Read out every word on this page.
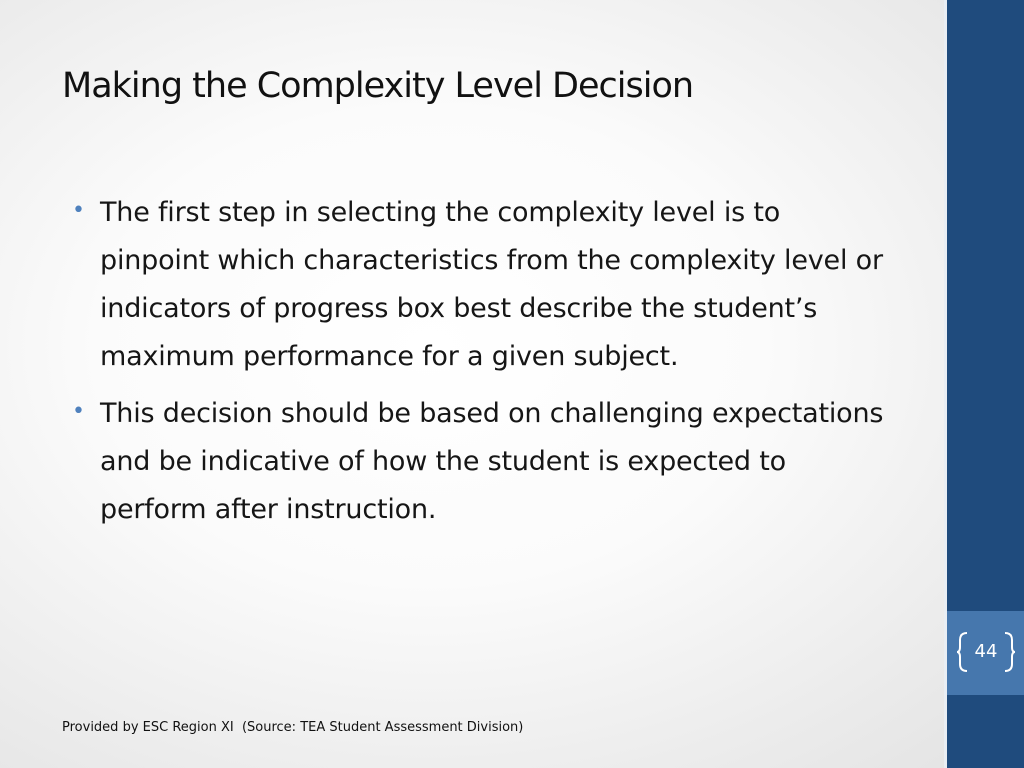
44
Making the Complexity Level Decision
• The first step in selecting the complexity level is to pinpoint which characteristics from the complexity level or indicators of progress box best describe the student’s maximum performance for a given subject.
• This decision should be based on challenging expectations and be indicative of how the student is expected to perform after instruction.
Provided by ESC Region XI  (Source: TEA Student Assessment Division)
